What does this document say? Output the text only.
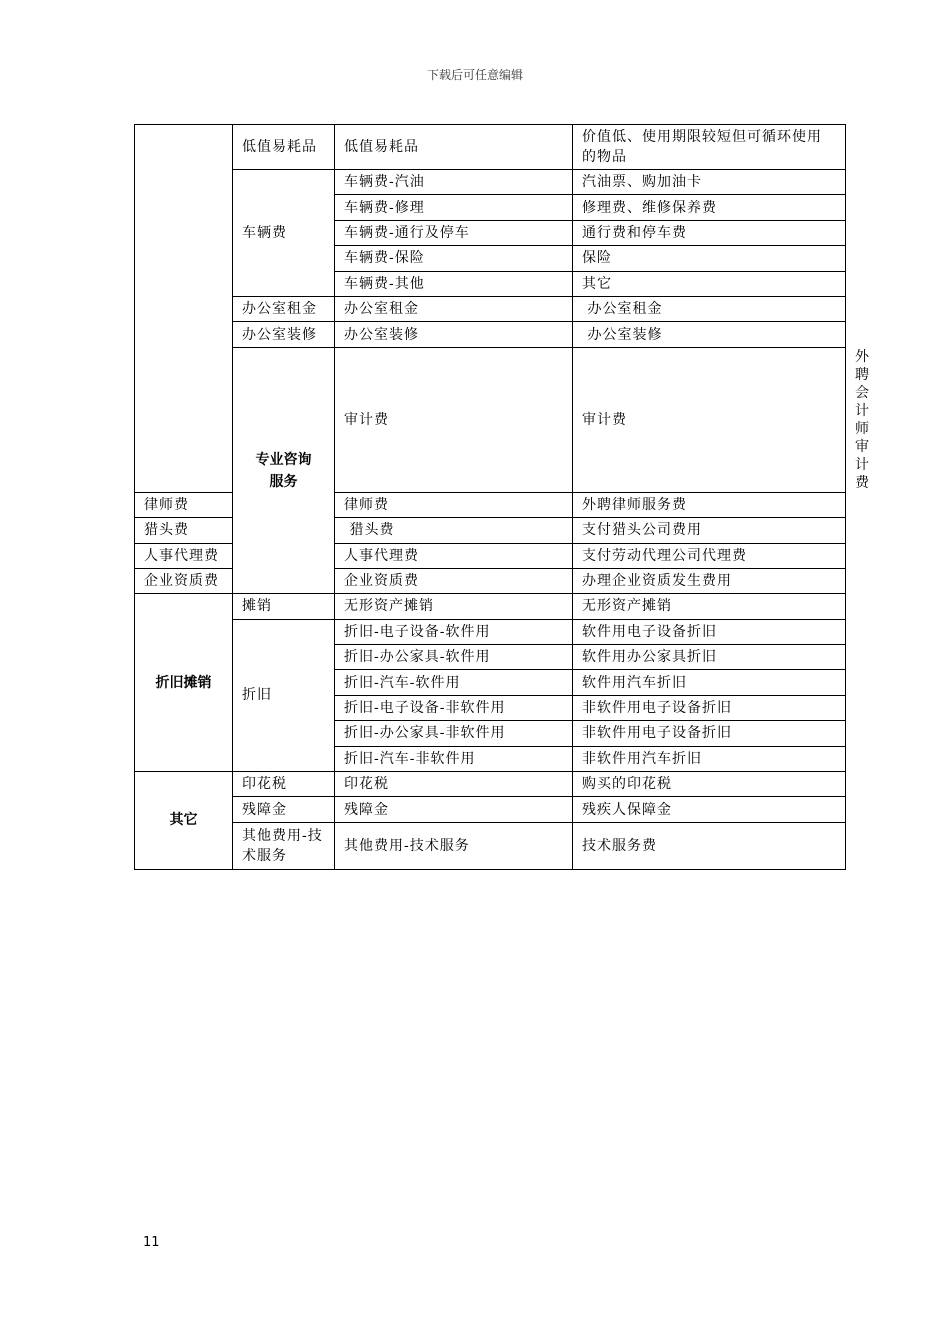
下载后可任意编辑
	低值易耗品	低值易耗品	价值低、使用期限较短但可循环使用的物品	
	车辆费	车辆费-汽油	汽油票、购加油卡	
		车辆费-修理	修理费、维修保养费	
		车辆费-通行及停车	通行费和停车费	
		车辆费-保险	保险	
		车辆费-其他	其它	
	办公室租金	办公室租金	办公室租金	
	办公室装修	办公室装修	办公室装修	
	专业咨询服务	审计费	审计费	外聘会计师审计费
律师费		律师费	外聘律师服务费	
猎头费		猎头费	支付猎头公司费用	
人事代理费		人事代理费	支付劳动代理公司代理费	
企业资质费		企业资质费	办理企业资质发生费用	
折旧摊销	摊销	无形资产摊销	无形资产摊销	
	折旧	折旧-电子设备-软件用	软件用电子设备折旧	
		折旧-办公家具-软件用	软件用办公家具折旧	
		折旧-汽车-软件用	软件用汽车折旧	
		折旧-电子设备-非软件用	非软件用电子设备折旧	
		折旧-办公家具-非软件用	非软件用电子设备折旧	
		折旧-汽车-非软件用	非软件用汽车折旧	
其它	印花税	印花税	购买的印花税	
	残障金	残障金	残疾人保障金	
	其他费用-技术服务	其他费用-技术服务	技术服务费	
11
